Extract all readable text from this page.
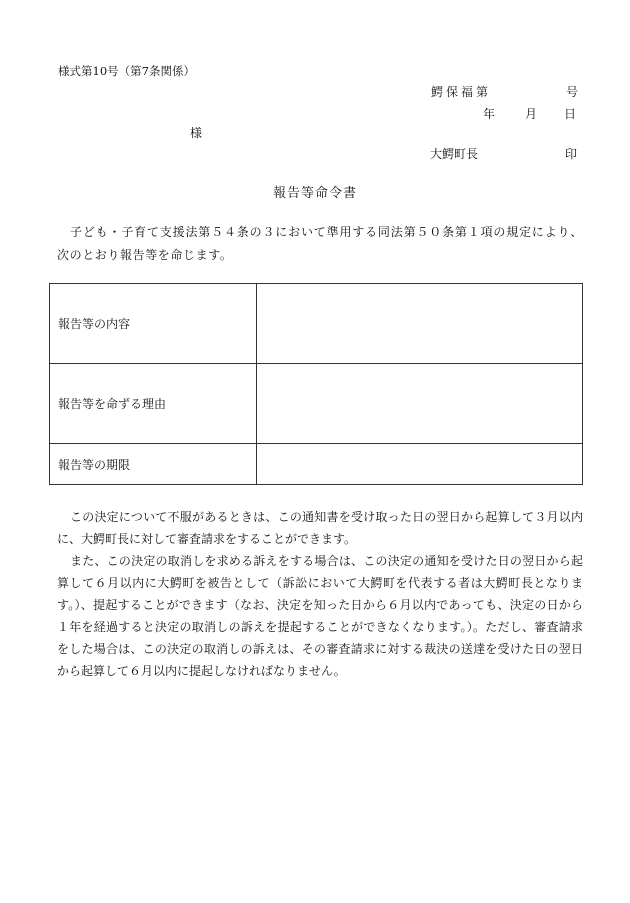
様式第10号（第7条関係）
鰐保福第	号
年 月 日
様
大鰐町長	印
報告等命令書

子ども・子育て支援法第５４条の３において準用する同法第５０条第１項の規定により、次のとおり報告等を命じます。

報告等の内容	
報告等を命ずる理由	
報告等の期限	

この決定について不服があるときは、この通知書を受け取った日の翌日から起算して３月以内に、大鰐町長に対して審査請求をすることができます。

また、この決定の取消しを求める訴えをする場合は、この決定の通知を受けた日の翌日から起算して６月以内に大鰐町を被告として（訴訟において大鰐町を代表する者は大鰐町長となります。）、提起することができます（なお、決定を知った日から６月以内であっても、決定の日から１年を経過すると決定の取消しの訴えを提起することができなくなります。）。ただし、審査請求をした場合は、この決定の取消しの訴えは、その審査請求に対する裁決の送達を受けた日の翌日から起算して６月以内に提起しなければなりません。
